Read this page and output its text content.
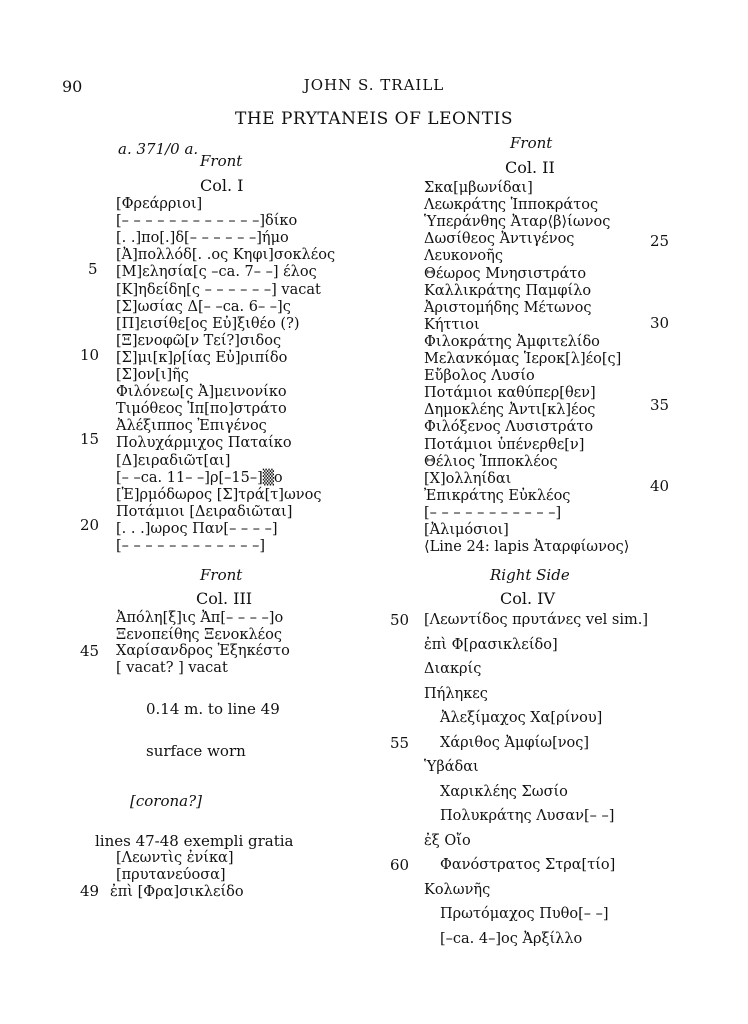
90	JOHN S. TRAILL
THE PRYTANEIS OF LEONTIS
a. 371/0 a.
Front
Col. I
[Φρεάρριοι]
[– – – – – – – – – – – –]δίκο
[. .]πο[.]δ[– – – – – –]ήμο
[Ἀ]πολλόδ[. .ος Κηφι]σοκλέος
[Μ]ελησία[ς –ca. 7– –] έλος
[Κ]ηδείδη[ς – – – – – –] vacat
[Σ]ωσίας Δ[– –ca. 6– –]ς
[Π]εισίθε[ος Εὐ]ξιθέο (?)
[Ξ]ενοφῶ[ν Τεί?]σιδος
[Σ]μι[κ]ρ[ίας Εὐ]ριπίδο
[Σ]ον[ι]ῆς
Φιλόνεω[ς Ἀ]μεινονίκο
Τιμόθεος Ἱπ[πο]στράτο
Ἀλέξιππος Ἐπιγένος
Πολυχάρμιχος Παταίκο
[Δ]ειραδιῶτ[αι]
[– –ca. 11– –]ρ[–15–]▒ο
[Ἑ]ρμόδωρος [Σ]τρά[τ]ωνος
Ποτάμιοι [Δειραδιῶται]
[. . .]ωρος Παν[– – – –]
[– – – – – – – – – – – –]
5
10
15
20
Front
Col. II
Σκα[μβωνίδαι]
Λεωκράτης Ἱπποκράτος
Ὑπεράνθης Ἀταρ⟨β⟩ίωνος
Δωσίθεος Ἀντιγένος
Λευκονοῆς
Θέωρος Μνησιστράτο
Καλλικράτης Παμφίλο
Ἀριστομήδης Μέτωνος
Κήττιοι
Φιλοκράτης Ἀμφιτελίδο
Μελανκόμας Ἱεροκ[λ]έο[ς]
Εὔβολος Λυσίο
Ποτάμιοι καθύπερ[θεν]
Δημοκλέης Ἀντι[κλ]έος
Φιλόξενος Λυσιστράτο
Ποτάμιοι ὑπένερθε[ν]
Θέλιος Ἱπποκλέος
[Χ]ολληίδαι
Ἐπικράτης Εὐκλέος
[– – – – – – – – – – –]
[Ἀλιμόσιοι]
⟨Line 24: lapis Ἀταρφίωνος⟩
25
30
35
40
Front
Col. III
Ἀπόλη[ξ]ις Ἀπ[– – – –]ο
Ξενοπείθης Ξενοκλέος
Χαρίσανδρος Ἐξηκέστο
[ vacat? ] vacat
45
0.14 m. to line 49
surface worn
[corona?]
lines 47-48 exempli gratia
[Λεωντὶς ἐνίκα]
[πρυτανεύοσα]
ἐπὶ [Φρα]σικλείδο
49
Right Side
Col. IV
[Λεωντίδος πρυτάνες vel sim.]
ἐπὶ Φ[ρασικλείδο]
Διακρίς
Πήληκες
Ἀλεξίμαχος Χα[ρίνου]
Χάριθος Ἀμφίω[νος]
Ὑβάδαι
Χαρικλέης Σωσίο
Πολυκράτης Λυσαν[– –]
ἐξ Οἴο
Φανόστρατος Στρα[τίο]
Κολωνῆς
Πρωτόμαχος Πυθο[– –]
[–ca. 4–]ος Ἀρξίλλο
50
55
60
